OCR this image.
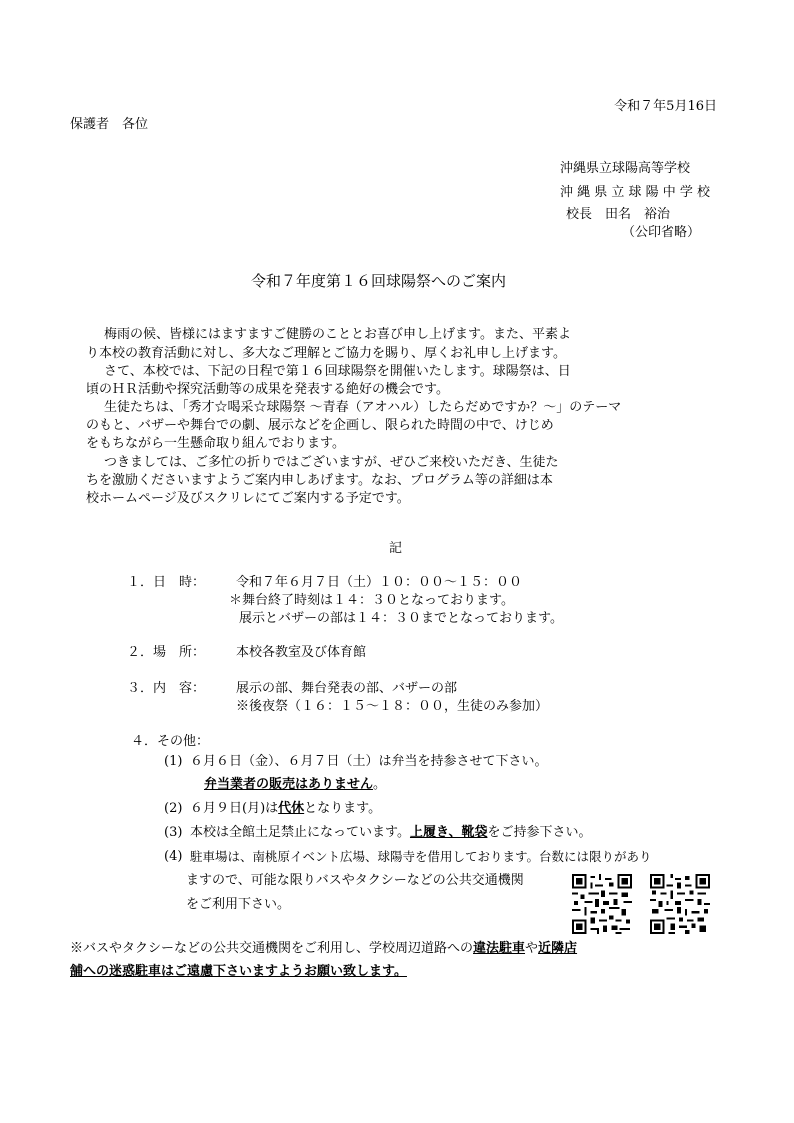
令和７年5月16日
保護者　各位
沖縄県立球陽高等学校
沖 縄 県 立 球 陽 中 学 校
校長　田名　裕治
（公印省略）
令和７年度第１６回球陽祭へのご案内
梅雨の候、皆様にはますますご健勝のこととお喜び申し上げます。また、平素よ
り本校の教育活動に対し、多大なご理解とご協力を賜り、厚くお礼申し上げます。
さて、本校では、下記の日程で第１６回球陽祭を開催いたします。球陽祭は、日
頃のＨＲ活動や探究活動等の成果を発表する絶好の機会です。
生徒たちは、「秀才☆喝采☆球陽祭 ～青春（アオハル）したらだめですか？～」のテーマ
のもと、バザーや舞台での劇、展示などを企画し、限られた時間の中で、けじめ
をもちながら一生懸命取り組んでおります。
つきましては、ご多忙の折りではございますが、ぜひご来校いただき、生徒た
ちを激励くださいますようご案内申しあげます。なお、プログラム等の詳細は本
校ホームページ及びスクリレにてご案内する予定です。
記
１．日　時： 令和７年６月７日（土）１０：００～１５：００
＊舞台終了時刻は１４：３０となっております。
展示とバザーの部は１４：３０までとなっております。
２．場　所： 本校各教室及び体育館
３．内　容： 展示の部、舞台発表の部、バザーの部
※後夜祭（１６：１５～１８：００，生徒のみ参加）
４．その他：
(1) ６月６日（金）、６月７日（土）は弁当を持参させて下さい。
弁当業者の販売はありません。
(2) ６月９日(月)は代休となります。
(3) 本校は全館土足禁止になっています。上履き、靴袋をご持参下さい。
(4) 駐車場は、南桃原イベント広場、球陽寺を借用しております。台数には限りがあり
ますので、可能な限りバスやタクシーなどの公共交通機関
をご利用下さい。
※バスやタクシーなどの公共交通機関をご利用し、学校周辺道路への違法駐車や近隣店
舗への迷惑駐車はご遠慮下さいますようお願い致します。
